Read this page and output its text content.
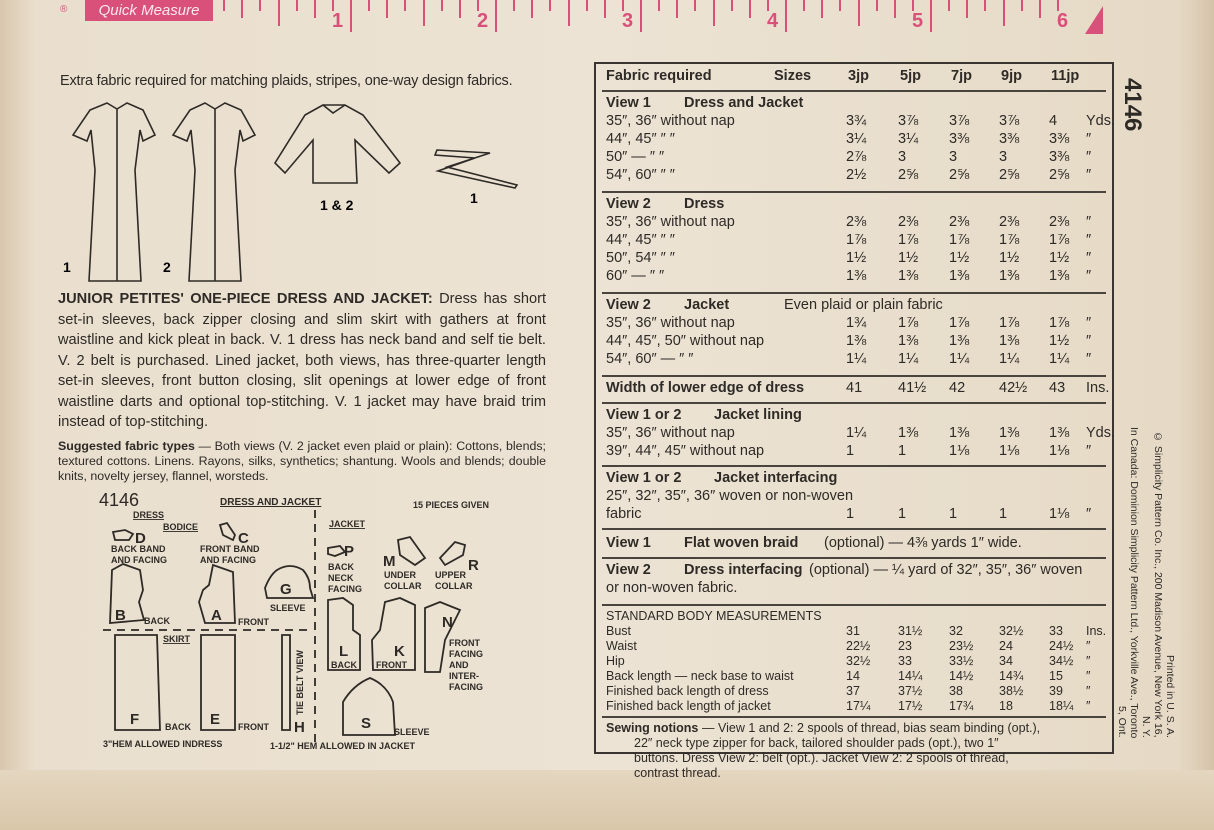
®	Quick Measure	1	2	3	4	5	6
Extra fabric required for matching plaids, stripes, one-way design fabrics.
1	2
1 & 2	1
JUNIOR PETITES' ONE-PIECE DRESS AND JACKET: Dress has short set-in sleeves, back zipper closing and slim skirt with gathers at front waistline and kick pleat in back. V. 1 dress has neck band and self tie belt. V. 2 belt is purchased. Lined jacket, both views, has three-quarter length set-in sleeves, front button closing, slit openings at lower edge of front waistline darts and optional top-stitching. V. 1 jacket may have braid trim instead of top-stitching.
Suggested fabric types — Both views (V. 2 jacket even plaid or plain): Cottons, blends; textured cottons. Linens. Rayons, silks, synthetics; shantung. Wools and blends; double knits, novelty jersey, flannel, worsteds.
4146	DRESS AND JACKET	15 PIECES GIVEN
DRESS
BODICE
SKIRT
JACKET
D
BACK BAND
AND FACING
C
FRONT BAND
AND FACING
B BACK	A FRONT
G
SLEEVE
F	BACK E FRONT H
TIE BELT VIEW
P
BACK
NECK
FACING
M
UNDER
COLLAR
R
UPPER
COLLAR
L
BACK
K
FRONT
N
FRONT
FACING
AND
INTER-
FACING
S	SLEEVE
3"HEM ALLOWED INDRESS	1-1/2" HEM ALLOWED IN JACKET
Fabric required	Sizes	3jp 5jp 7jp 9jp 11jp
View 1 Dress and Jacket
35″, 36″ without nap	3¾ 3⅞ 3⅞ 3⅞ 4 Yds.
44″, 45″ ″ ″	3¼ 3¼ 3⅜ 3⅜ 3⅜ ″
50″ — ″ ″	2⅞ 3	3	3	3⅜ ″
54″, 60″ ″ ″	2½ 2⅝ 2⅝ 2⅝ 2⅝ ″
View 2 Dress
35″, 36″ without nap	2⅜ 2⅜ 2⅜ 2⅜ 2⅜ ″
44″, 45″ ″ ″	1⅞ 1⅞ 1⅞ 1⅞ 1⅞ ″
50″, 54″ ″ ″	1½ 1½ 1½ 1½ 1½ ″
60″ — ″ ″	1⅜ 1⅜ 1⅜ 1⅜ 1⅜ ″
View 2 Jacket	Even plaid or plain fabric
35″, 36″ without nap	1¾ 1⅞ 1⅞ 1⅞ 1⅞ ″
44″, 45″, 50″ without nap	1⅜ 1⅜ 1⅜ 1⅜ 1½ ″
54″, 60″ — ″ ″	1¼ 1¼ 1¼ 1¼ 1¼ ″
Width of lower edge of dress	41 41½ 42 42½ 43 Ins.
View 1 or 2 Jacket lining
35″, 36″ without nap	1¼ 1⅜ 1⅜ 1⅜ 1⅜ Yds.
39″, 44″, 45″ without nap	1	1	1⅛ 1⅛ 1⅛ ″
View 1 or 2 Jacket interfacing
25″, 32″, 35″, 36″ woven or non-woven
fabric	1	1	1	1	1⅛ ″
View 1 Flat woven braid (optional) — 4⅜ yards 1″ wide.
View 2 Dress interfacing (optional) — ¼ yard of 32″, 35″, 36″ woven
or non-woven fabric.
STANDARD BODY MEASUREMENTS
Bust	31	31½ 32	32½ 33 Ins.
Waist	22½ 23	23½ 24	24½ ″
Hip	32½ 33	33½ 34	34½ ″
Back length — neck base to waist	14	14¼ 14½ 14¾ 15 ″
Finished back length of dress	37	37½ 38	38½ 39 ″
Finished back length of jacket	17¼ 17½ 17¾ 18	18¼ ″
Sewing notions — View 1 and 2: 2 spools of thread, bias seam binding (opt.),
22″ neck type zipper for back, tailored shoulder pads (opt.), two 1″
buttons. Dress View 2: belt (opt.). Jacket View 2: 2 spools of thread,
contrast thread.
4146
Printed in U. S. A.
© Simplicity Pattern Co. Inc., 200 Madison Avenue, New York 16, N. Y.
In Canada: Dominion Simplicity Pattern Ltd., Yorkville Ave., Toronto 5, Ont.
